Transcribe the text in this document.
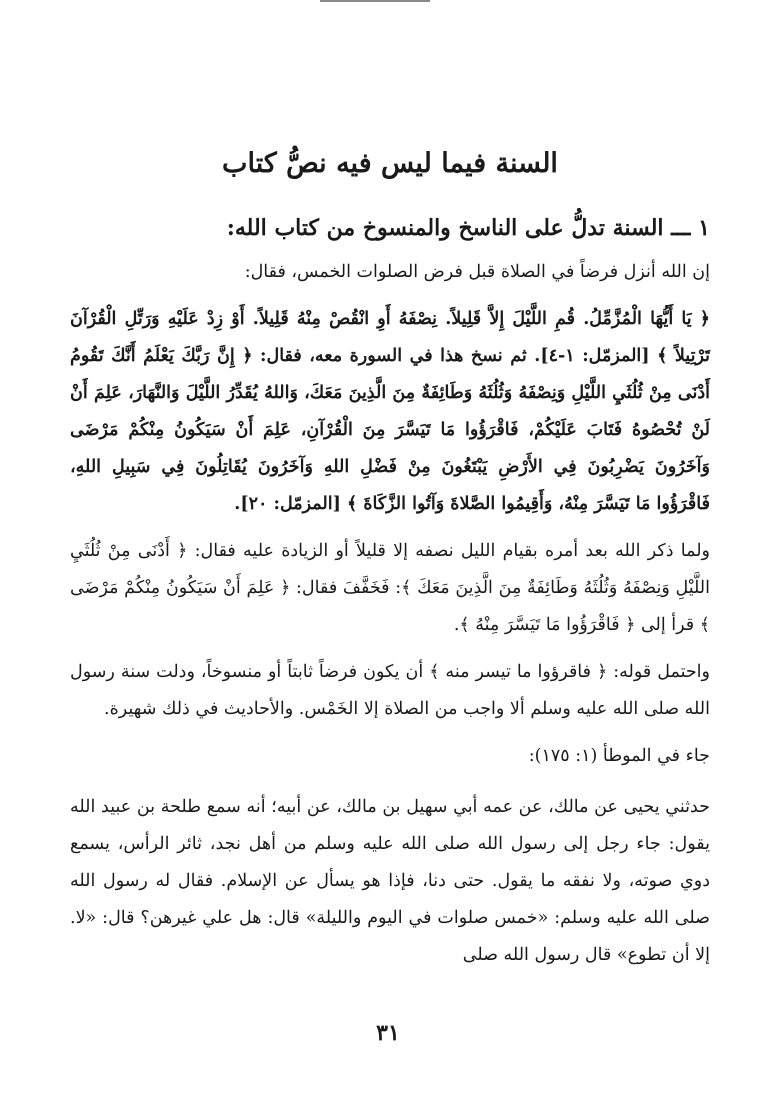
السنة فيما ليس فيه نصُّ كتاب
١ ـــ السنة تدلُّ على الناسخ والمنسوخ من كتاب الله:

إن الله أنزل فرضاً في الصلاة قبل فرض الصلوات الخمس، فقال:

﴿ يَا أَيُّهَا الْمُزَّمِّلُ. قُمِ اللَّيْلَ إِلاَّ قَلِيلاً. نِصْفَهُ أَوِ انْقُصْ مِنْهُ قَلِيلاً. أَوْ زِدْ عَلَيْهِ وَرَتِّلِ الْقُرْآنَ تَرْتِيلاً ﴾ [المزمّل: ١-٤]. ثم نسخ هذا في السورة معه، فقال: ﴿ إِنَّ رَبَّكَ يَعْلَمُ أَنَّكَ تَقُومُ أَدْنَى مِنْ ثُلُثَيِ اللَّيْلِ وَنِصْفَهُ وَثُلُثَهُ وَطَائِفَةٌ مِنَ الَّذِينَ مَعَكَ، وَاللهُ يُقَدِّرُ اللَّيْلَ وَالنَّهَارَ، عَلِمَ أَنْ لَنْ تُحْصُوهُ فَتَابَ عَلَيْكُمْ، فَاقْرَؤُوا مَا تَيَسَّرَ مِنَ الْقُرْآنِ، عَلِمَ أَنْ سَيَكُونُ مِنْكُمْ مَرْضَى وَآخَرُونَ يَضْرِبُونَ فِي الأَرْضِ يَبْتَغُونَ مِنْ فَضْلِ اللهِ وَآخَرُونَ يُقَاتِلُونَ فِي سَبِيلِ اللهِ، فَاقْرَؤُوا مَا تَيَسَّرَ مِنْهُ، وَأَقِيمُوا الصَّلاةَ وَآتُوا الزَّكَاةَ ﴾ [المزمّل: ٢٠].

ولما ذكر الله بعد أمره بقيام الليل نصفه إلا قليلاً أو الزيادة عليه فقال: ﴿ أَدْنَى مِنْ ثُلُثَيِ اللَّيْلِ وَنِصْفَهُ وَثُلُثَهُ وَطَائِفَةٌ مِنَ الَّذِينَ مَعَكَ ﴾: فَخَفَّفَ فقال: ﴿ عَلِمَ أَنْ سَيَكُونُ مِنْكُمْ مَرْضَى ﴾ قرأ إلى ﴿ فَاقْرَؤُوا مَا تَيَسَّرَ مِنْهُ ﴾.

واحتمل قوله: ﴿ فاقرؤوا ما تيسر منه ﴾ أن يكون فرضاً ثابتاً أو منسوخاً، ودلت سنة رسول الله صلى الله عليه وسلم ألا واجب من الصلاة إلا الخَمْس. والأحاديث في ذلك شهيرة.

جاء في الموطأ (١: ١٧٥):

حدثني يحيى عن مالك، عن عمه أبي سهيل بن مالك، عن أبيه؛ أنه سمع طلحة بن عبيد الله يقول: جاء رجل إلى رسول الله صلى الله عليه وسلم من أهل نجد، ثائر الرأس، يسمع دوي صوته، ولا نفقه ما يقول. حتى دنا، فإذا هو يسأل عن الإسلام. فقال له رسول الله صلى الله عليه وسلم: «خمس صلوات في اليوم والليلة» قال: هل علي غيرهن؟ قال: «لا. إلا أن تطوع» قال رسول الله صلى

٣١
